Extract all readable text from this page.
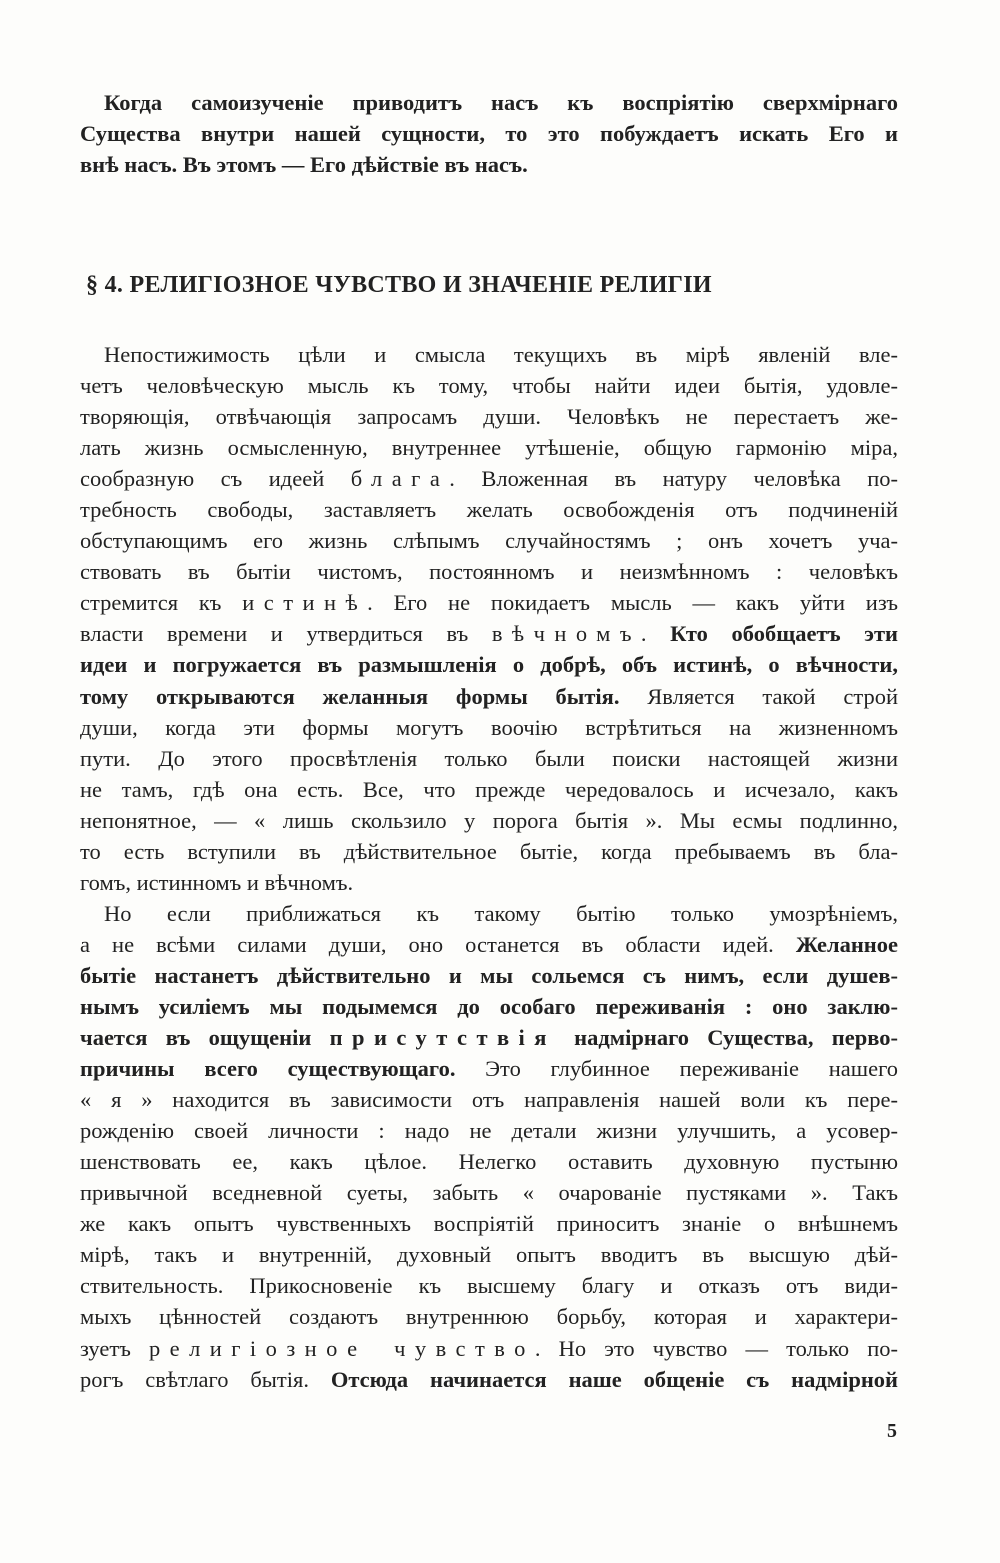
Когда самоизученіе приводитъ насъ къ воспріятію сверхмірнаго
Существа внутри нашей сущности, то это побуждаетъ искать Его и
внѣ насъ. Въ этомъ — Его дѣйствіе въ насъ.
§ 4. РЕЛИГІОЗНОЕ ЧУВСТВО И ЗНАЧЕНІЕ РЕЛИГІИ
Непостижимость цѣли и смысла текущихъ въ мірѣ явленій вле-
четъ человѣческую мысль къ тому, чтобы найти идеи бытія, удовле-
творяющія, отвѣчающія запросамъ души. Человѣкъ не перестаетъ же-
лать жизнь осмысленную, внутреннее утѣшеніе, общую гармонію міра,
сообразную съ идеей блага. Вложенная въ натуру человѣка по-
требность свободы, заставляетъ желать освобожденія отъ подчиненій
обступающимъ его жизнь слѣпымъ случайностямъ ; онъ хочетъ уча-
ствовать въ бытіи чистомъ, постоянномъ и неизмѣнномъ : человѣкъ
стремится къ истинѣ. Его не покидаетъ мысль — какъ уйти изъ
власти времени и утвердиться въ вѣчномъ. Кто обобщаетъ эти
идеи и погружается въ размышленія о добрѣ, объ истинѣ, о вѣчности,
тому открываются желанныя формы бытія. Является такой строй
души, когда эти формы могутъ воочію встрѣтиться на жизненномъ
пути. До этого просвѣтленія только были поиски настоящей жизни
не тамъ, гдѣ она есть. Все, что прежде чередовалось и исчезало, какъ
непонятное, — « лишь скользило у порога бытія ». Мы есмы подлинно,
то есть вступили въ дѣйствительное бытіе, когда пребываемъ въ бла-
гомъ, истинномъ и вѣчномъ.
Но если приближаться къ такому бытію только умозрѣніемъ,
а не всѣми силами души, оно останется въ области идей. Желанное
бытіе настанетъ дѣйствительно и мы сольемся съ нимъ, если душев-
нымъ усиліемъ мы подымемся до особаго переживанія : оно заклю-
чается въ ощущеніи присутствія надмірнаго Существа, перво-
причины всего существующаго. Это глубинное переживаніе нашего
« я » находится въ зависимости отъ направленія нашей воли къ пере-
рожденію своей личности : надо не детали жизни улучшить, а усовер-
шенствовать ее, какъ цѣлое. Нелегко оставить духовную пустыню
привычной вседневной суеты, забыть « очарованіе пустяками ». Такъ
же какъ опытъ чувственныхъ воспріятій приноситъ знаніе о внѣшнемъ
мірѣ, такъ и внутренній, духовный опытъ вводитъ въ высшую дѣй-
ствительность. Прикосновеніе къ высшему благу и отказъ отъ види-
мыхъ цѣнностей создаютъ внутреннюю борьбу, которая и характери-
зуетъ религіозное чувство. Но это чувство — только по-
рогъ свѣтлаго бытія. Отсюда начинается наше общеніе съ надмірной
5
